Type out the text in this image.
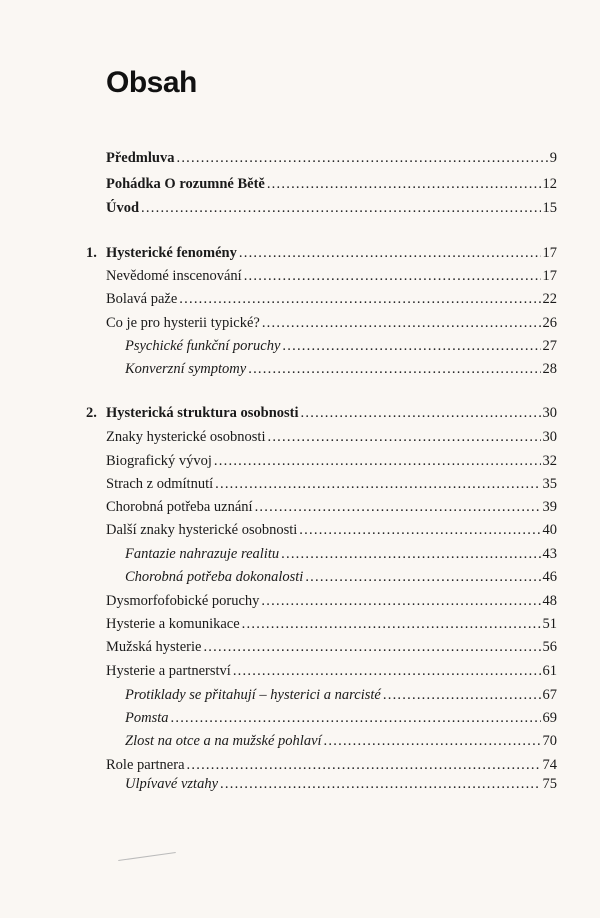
Obsah
Předmluva . . .	9
Pohádka O rozumné Bětě . . .	12
Úvod . . .	15
1. Hysterické fenomény . . .	17
Nevědomé inscenování . . .	17
Bolavá paže . . .	22
Co je pro hysterii typické? . . .	26
Psychické funkční poruchy . . .	27
Konverzní symptomy . . .	28
2. Hysterická struktura osobnosti . . .	30
Znaky hysterické osobnosti . . .	30
Biografický vývoj . . .	32
Strach z odmítnutí . . .	35
Chorobná potřeba uznání . . .	39
Další znaky hysterické osobnosti . . .	40
Fantazie nahrazuje realitu . . .	43
Chorobná potřeba dokonalosti . . .	46
Dysmorfofobické poruchy . . .	48
Hysterie a komunikace . . .	51
Mužská hysterie . . .	56
Hysterie a partnerství . . .	61
Protiklady se přitahují – hysterici a narcisté . . .	67
Pomsta . . .	69
Zlost na otce a na mužské pohlaví . . .	70
Role partnera . . .	74
Ulpívavé vztahy . . .	75
